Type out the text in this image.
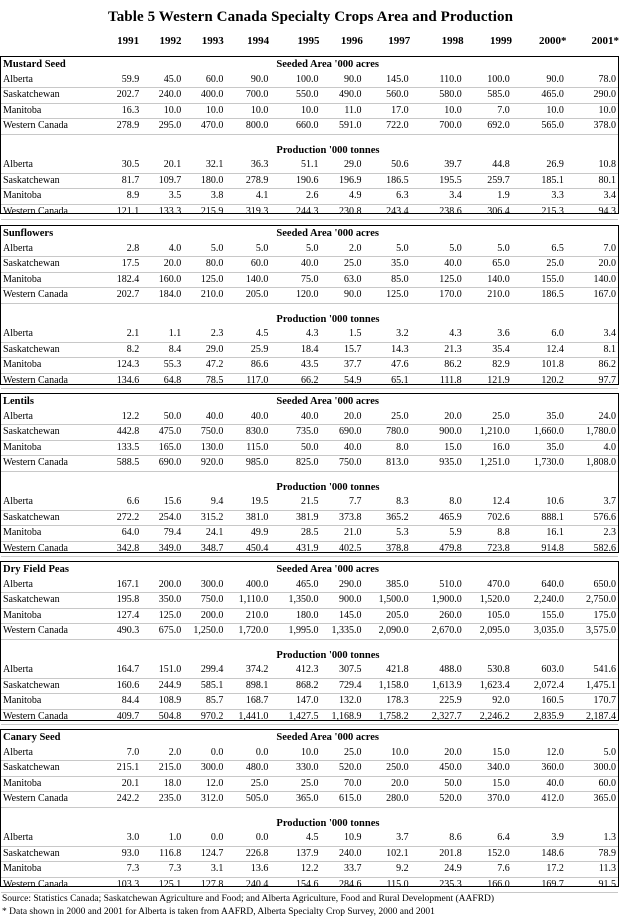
Table 5 Western Canada Specialty Crops Area and Production
	1991	1992	1993	1994	1995	1996	1997	1998	1999	2000*	2001*
Mustard Seed					Seeded Area '000 acres						
Alberta	59.9	45.0	60.0	90.0	100.0	90.0	145.0	110.0	100.0	90.0	78.0
Saskatchewan	202.7	240.0	400.0	700.0	550.0	490.0	560.0	580.0	585.0	465.0	290.0
Manitoba	16.3	10.0	10.0	10.0	10.0	11.0	17.0	10.0	7.0	10.0	10.0
Western Canada	278.9	295.0	470.0	800.0	660.0	591.0	722.0	700.0	692.0	565.0	378.0

					Production '000 tonnes						
Alberta	30.5	20.1	32.1	36.3	51.1	29.0	50.6	39.7	44.8	26.9	10.8
Saskatchewan	81.7	109.7	180.0	278.9	190.6	196.9	186.5	195.5	259.7	185.1	80.1
Manitoba	8.9	3.5	3.8	4.1	2.6	4.9	6.3	3.4	1.9	3.3	3.4
Western Canada	121.1	133.3	215.9	319.3	244.3	230.8	243.4	238.6	306.4	215.3	94.3
Sunflowers					Seeded Area '000 acres						
Alberta	2.8	4.0	5.0	5.0	5.0	2.0	5.0	5.0	5.0	6.5	7.0
Saskatchewan	17.5	20.0	80.0	60.0	40.0	25.0	35.0	40.0	65.0	25.0	20.0
Manitoba	182.4	160.0	125.0	140.0	75.0	63.0	85.0	125.0	140.0	155.0	140.0
Western Canada	202.7	184.0	210.0	205.0	120.0	90.0	125.0	170.0	210.0	186.5	167.0

					Production '000 tonnes						
Alberta	2.1	1.1	2.3	4.5	4.3	1.5	3.2	4.3	3.6	6.0	3.4
Saskatchewan	8.2	8.4	29.0	25.9	18.4	15.7	14.3	21.3	35.4	12.4	8.1
Manitoba	124.3	55.3	47.2	86.6	43.5	37.7	47.6	86.2	82.9	101.8	86.2
Western Canada	134.6	64.8	78.5	117.0	66.2	54.9	65.1	111.8	121.9	120.2	97.7
Lentils					Seeded Area '000 acres						
Alberta	12.2	50.0	40.0	40.0	40.0	20.0	25.0	20.0	25.0	35.0	24.0
Saskatchewan	442.8	475.0	750.0	830.0	735.0	690.0	780.0	900.0	1,210.0	1,660.0	1,780.0
Manitoba	133.5	165.0	130.0	115.0	50.0	40.0	8.0	15.0	16.0	35.0	4.0
Western Canada	588.5	690.0	920.0	985.0	825.0	750.0	813.0	935.0	1,251.0	1,730.0	1,808.0

					Production '000 tonnes						
Alberta	6.6	15.6	9.4	19.5	21.5	7.7	8.3	8.0	12.4	10.6	3.7
Saskatchewan	272.2	254.0	315.2	381.0	381.9	373.8	365.2	465.9	702.6	888.1	576.6
Manitoba	64.0	79.4	24.1	49.9	28.5	21.0	5.3	5.9	8.8	16.1	2.3
Western Canada	342.8	349.0	348.7	450.4	431.9	402.5	378.8	479.8	723.8	914.8	582.6
Dry Field Peas					Seeded Area '000 acres						
Alberta	167.1	200.0	300.0	400.0	465.0	290.0	385.0	510.0	470.0	640.0	650.0
Saskatchewan	195.8	350.0	750.0	1,110.0	1,350.0	900.0	1,500.0	1,900.0	1,520.0	2,240.0	2,750.0
Manitoba	127.4	125.0	200.0	210.0	180.0	145.0	205.0	260.0	105.0	155.0	175.0
Western Canada	490.3	675.0	1,250.0	1,720.0	1,995.0	1,335.0	2,090.0	2,670.0	2,095.0	3,035.0	3,575.0

					Production '000 tonnes						
Alberta	164.7	151.0	299.4	374.2	412.3	307.5	421.8	488.0	530.8	603.0	541.6
Saskatchewan	160.6	244.9	585.1	898.1	868.2	729.4	1,158.0	1,613.9	1,623.4	2,072.4	1,475.1
Manitoba	84.4	108.9	85.7	168.7	147.0	132.0	178.3	225.9	92.0	160.5	170.7
Western Canada	409.7	504.8	970.2	1,441.0	1,427.5	1,168.9	1,758.2	2,327.7	2,246.2	2,835.9	2,187.4
Canary Seed					Seeded Area '000 acres						
Alberta	7.0	2.0	0.0	0.0	10.0	25.0	10.0	20.0	15.0	12.0	5.0
Saskatchewan	215.1	215.0	300.0	480.0	330.0	520.0	250.0	450.0	340.0	360.0	300.0
Manitoba	20.1	18.0	12.0	25.0	25.0	70.0	20.0	50.0	15.0	40.0	60.0
Western Canada	242.2	235.0	312.0	505.0	365.0	615.0	280.0	520.0	370.0	412.0	365.0

					Production '000 tonnes						
Alberta	3.0	1.0	0.0	0.0	4.5	10.9	3.7	8.6	6.4	3.9	1.3
Saskatchewan	93.0	116.8	124.7	226.8	137.9	240.0	102.1	201.8	152.0	148.6	78.9
Manitoba	7.3	7.3	3.1	13.6	12.2	33.7	9.2	24.9	7.6	17.2	11.3
Western Canada	103.3	125.1	127.8	240.4	154.6	284.6	115.0	235.3	166.0	169.7	91.5
Source: Statistics Canada; Saskatchewan Agriculture and Food; and Alberta Agriculture, Food and Rural Development (AAFRD)
* Data shown in 2000 and 2001 for Alberta is taken from AAFRD, Alberta Specialty Crop Survey, 2000 and 2001
